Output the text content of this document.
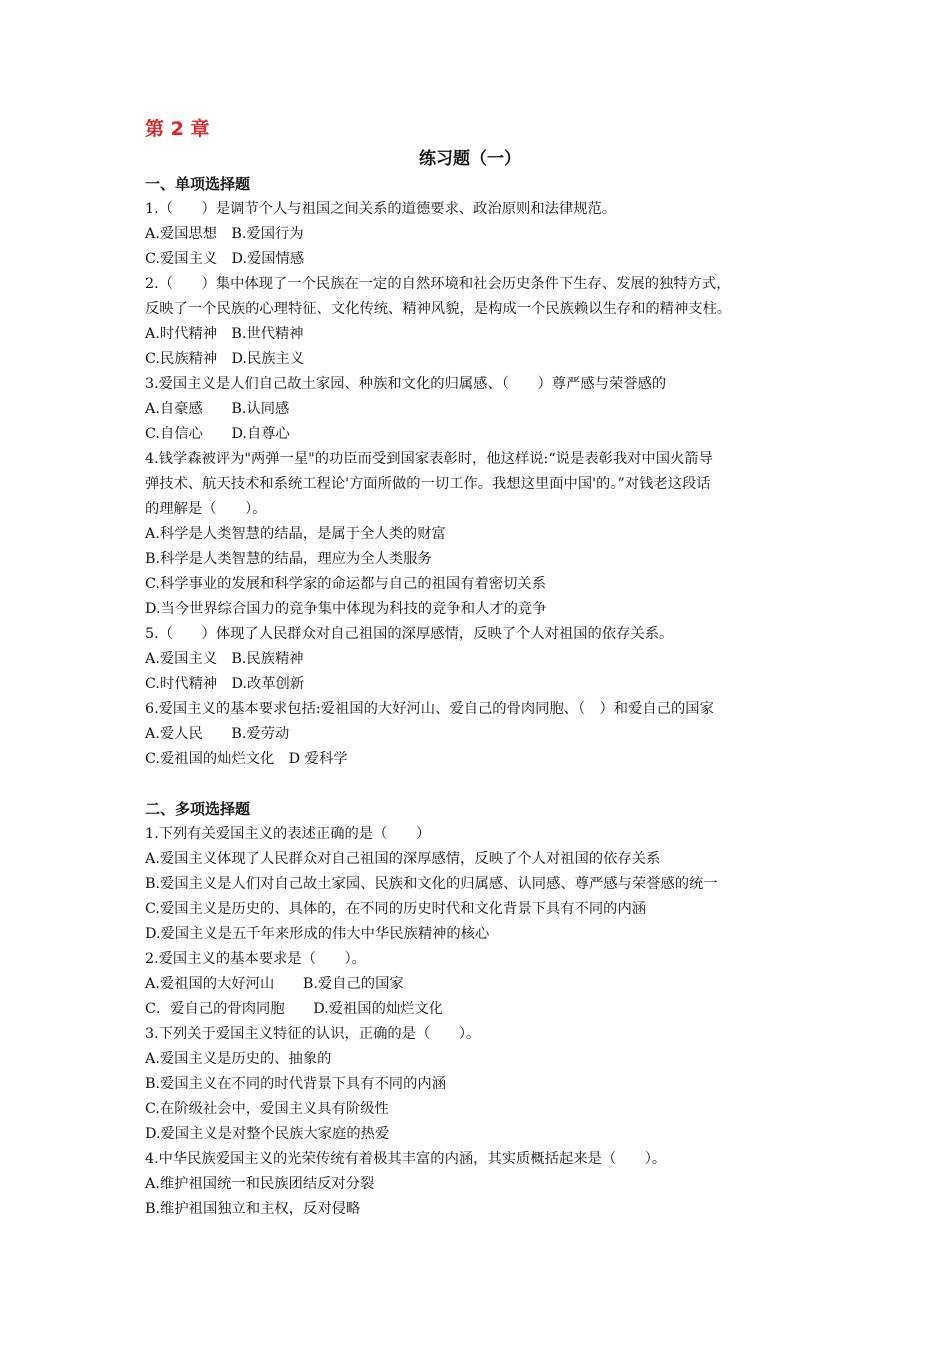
第 2 章
练习题（一）
一、单项选择题
1.（　　）是调节个人与祖国之间关系的道德要求、政治原则和法律规范。
A.爱国思想　B.爱国行为
C.爱国主义　D.爱国情感
2.（　　）集中体现了一个民族在一定的自然环境和社会历史条件下生存、发展的独特方式，
反映了一个民族的心理特征、文化传统、精神风貌，是构成一个民族赖以生存和的精神支柱。
A.时代精神　B.世代精神
C.民族精神　D.民族主义
3.爱国主义是人们自己故土家园、种族和文化的归属感、（　　）尊严感与荣誉感的
A.自豪感　　B.认同感
C.自信心　　D.自尊心
4.钱学森被评为"两弹一星"的功臣而受到国家表彰时，他这样说:“说是表彰我对中国火箭导
弹技术、航天技术和系统工程论'方面所做的一切工作。我想这里面中国'的。”对钱老这段话
的理解是（　　）。
A.科学是人类智慧的结晶，是属于全人类的财富
B.科学是人类智慧的结晶，理应为全人类服务
C.科学事业的发展和科学家的命运都与自己的祖国有着密切关系
D.当今世界综合国力的竞争集中体现为科技的竞争和人才的竞争
5.（　　）体现了人民群众对自己祖国的深厚感情，反映了个人对祖国的依存关系。
A.爱国主义　B.民族精神
C.时代精神　D.改革创新
6.爱国主义的基本要求包括:爱祖国的大好河山、爱自己的骨肉同胞、（　）和爱自己的国家
A.爱人民　　B.爱劳动
C.爱祖国的灿烂文化　D 爱科学
二、多项选择题
1.下列有关爱国主义的表述正确的是（　　）
A.爱国主义体现了人民群众对自己祖国的深厚感情，反映了个人对祖国的依存关系
B.爱国主义是人们对自己故土家园、民族和文化的归属感、认同感、尊严感与荣誉感的统一
C.爱国主义是历史的、具体的，在不同的历史时代和文化背景下具有不同的内涵
D.爱国主义是五千年来形成的伟大中华民族精神的核心
2.爱国主义的基本要求是（　　）。
A.爱祖国的大好河山　　B.爱自己的国家
C．爱自己的骨肉同胞　　D.爱祖国的灿烂文化
3.下列关于爱国主义特征的认识，正确的是（　　）。
A.爱国主义是历史的、抽象的
B.爱国主义在不同的时代背景下具有不同的内涵
C.在阶级社会中，爱国主义具有阶级性
D.爱国主义是对整个民族大家庭的热爱
4.中华民族爱国主义的光荣传统有着极其丰富的内涵，其实质概括起来是（　　）。
A.维护祖国统一和民族团结反对分裂
B.维护祖国独立和主权，反对侵略
